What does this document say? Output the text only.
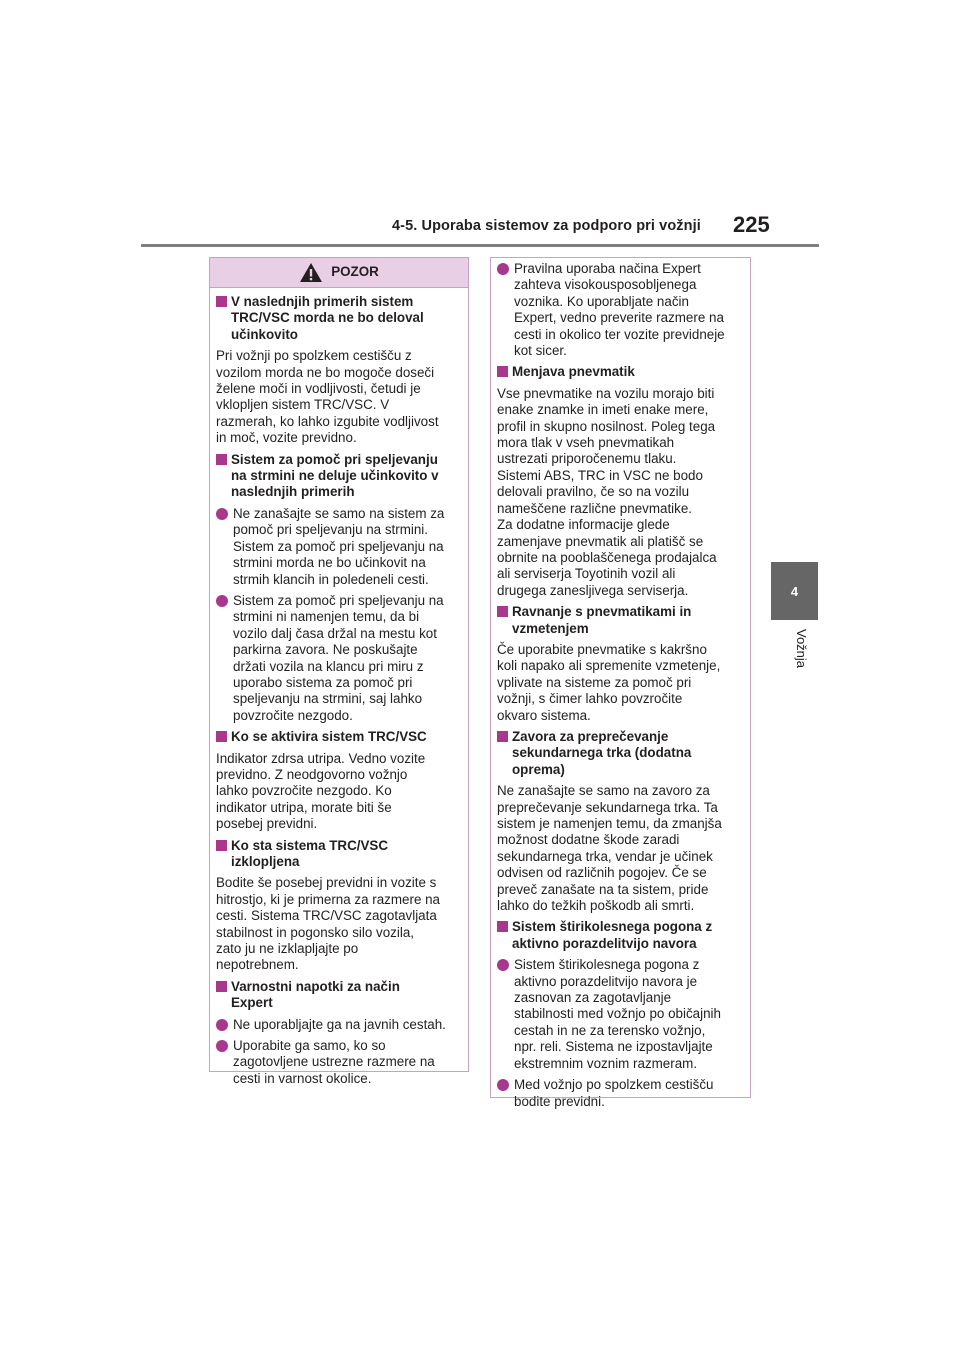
4-5. Uporaba sistemov za podporo pri vožnji 225
4
Vožnja
POZOR
V naslednjih primerih sistem
TRC/VSC morda ne bo deloval
učinkovito
Pri vožnji po spolzkem cestišču z
vozilom morda ne bo mogoče doseči
želene moči in vodljivosti, četudi je
vklopljen sistem TRC/VSC. V
razmerah, ko lahko izgubite vodljivost
in moč, vozite previdno.
Sistem za pomoč pri speljevanju
na strmini ne deluje učinkovito v
naslednjih primerih
Ne zanašajte se samo na sistem za
pomoč pri speljevanju na strmini.
Sistem za pomoč pri speljevanju na
strmini morda ne bo učinkovit na
strmih klancih in poledeneli cesti.
Sistem za pomoč pri speljevanju na
strmini ni namenjen temu, da bi
vozilo dalj časa držal na mestu kot
parkirna zavora. Ne poskušajte
držati vozila na klancu pri miru z
uporabo sistema za pomoč pri
speljevanju na strmini, saj lahko
povzročite nezgodo.
Ko se aktivira sistem TRC/VSC
Indikator zdrsa utripa. Vedno vozite
previdno. Z neodgovorno vožnjo
lahko povzročite nezgodo. Ko
indikator utripa, morate biti še
posebej previdni.
Ko sta sistema TRC/VSC
izklopljena
Bodite še posebej previdni in vozite s
hitrostjo, ki je primerna za razmere na
cesti. Sistema TRC/VSC zagotavljata
stabilnost in pogonsko silo vozila,
zato ju ne izklapljajte po
nepotrebnem.
Varnostni napotki za način
Expert
Ne uporabljajte ga na javnih cestah.
Uporabite ga samo, ko so
zagotovljene ustrezne razmere na
cesti in varnost okolice.
Pravilna uporaba načina Expert
zahteva visokousposobljenega
voznika. Ko uporabljate način
Expert, vedno preverite razmere na
cesti in okolico ter vozite previdneje
kot sicer.
Menjava pnevmatik
Vse pnevmatike na vozilu morajo biti
enake znamke in imeti enake mere,
profil in skupno nosilnost. Poleg tega
mora tlak v vseh pnevmatikah
ustrezati priporočenemu tlaku.
Sistemi ABS, TRC in VSC ne bodo
delovali pravilno, če so na vozilu
nameščene različne pnevmatike.
Za dodatne informacije glede
zamenjave pnevmatik ali platišč se
obrnite na pooblaščenega prodajalca
ali serviserja Toyotinih vozil ali
drugega zanesljivega serviserja.
Ravnanje s pnevmatikami in
vzmetenjem
Če uporabite pnevmatike s kakršno
koli napako ali spremenite vzmetenje,
vplivate na sisteme za pomoč pri
vožnji, s čimer lahko povzročite
okvaro sistema.
Zavora za preprečevanje
sekundarnega trka (dodatna
oprema)
Ne zanašajte se samo na zavoro za
preprečevanje sekundarnega trka. Ta
sistem je namenjen temu, da zmanjša
možnost dodatne škode zaradi
sekundarnega trka, vendar je učinek
odvisen od različnih pogojev. Če se
preveč zanašate na ta sistem, pride
lahko do težkih poškodb ali smrti.
Sistem štirikolesnega pogona z
aktivno porazdelitvijo navora
Sistem štirikolesnega pogona z
aktivno porazdelitvijo navora je
zasnovan za zagotavljanje
stabilnosti med vožnjo po običajnih
cestah in ne za terensko vožnjo,
npr. reli. Sistema ne izpostavljajte
ekstremnim voznim razmeram.
Med vožnjo po spolzkem cestišču
bodite previdni.
